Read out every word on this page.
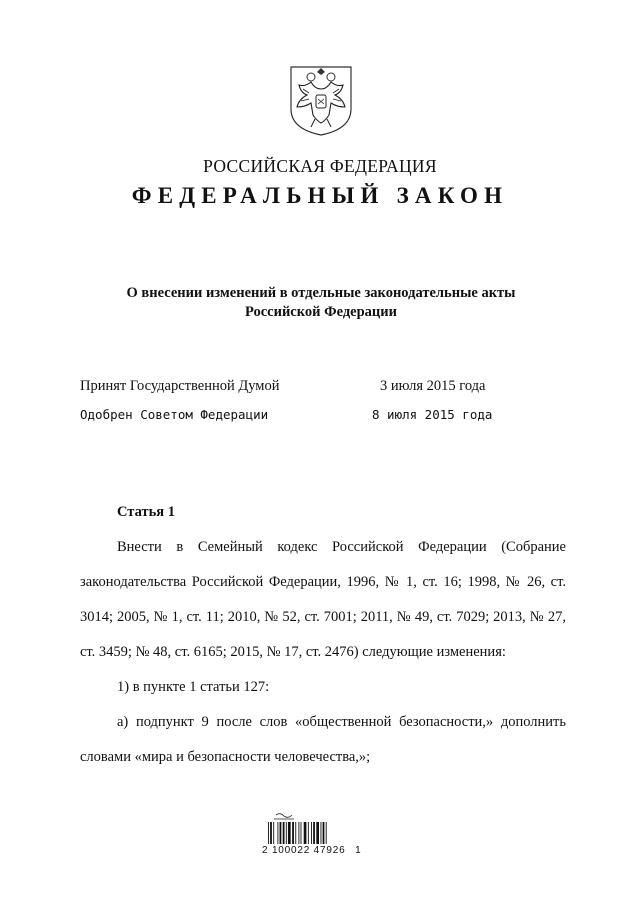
РОССИЙСКАЯ ФЕДЕРАЦИЯ
ФЕДЕРАЛЬНЫЙ ЗАКОН
О внесении изменений в отдельные законодательные акты
Российской Федерации
Принят Государственной Думой	3 июля 2015 года
Одобрен Советом Федерации	8 июля 2015 года
Статья 1

Внести в Семейный кодекс Российской Федерации (Собрание законодательства Российской Федерации, 1996, № 1, ст. 16; 1998, № 26, ст. 3014; 2005, № 1, ст. 11; 2010, № 52, ст. 7001; 2011, № 49, ст. 7029; 2013, № 27, ст. 3459; № 48, ст. 6165; 2015, № 17, ст. 2476) следующие изменения:

1) в пункте 1 статьи 127:

а) подпункт 9 после слов «общественной безопасности,» дополнить словами «мира и безопасности человечества,»;

2 100022 47926 1
